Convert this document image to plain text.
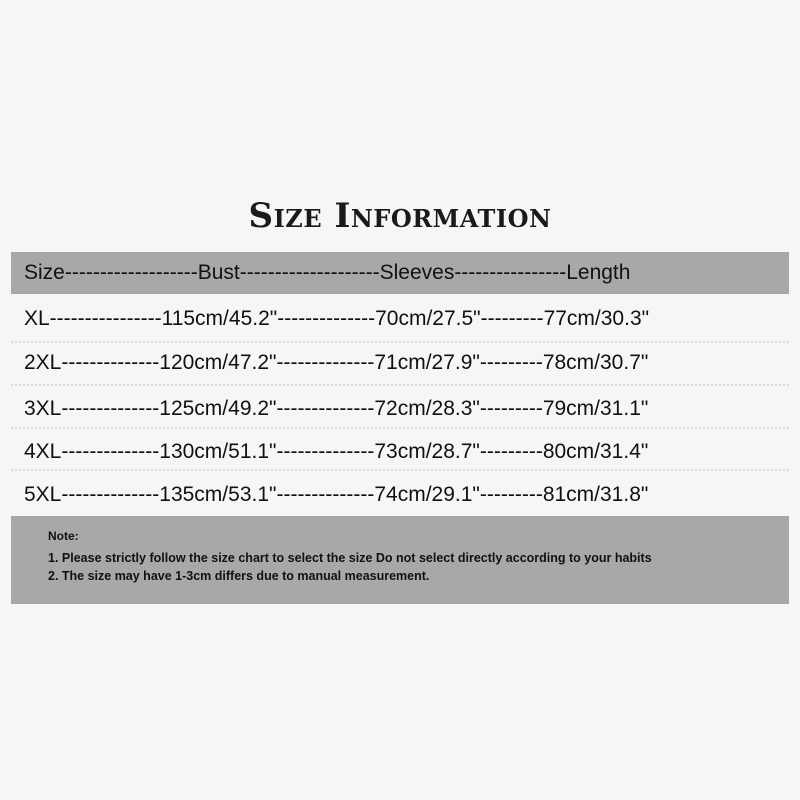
Size Information
Size-------------------Bust--------------------Sleeves----------------Length
XL----------------115cm/45.2"--------------70cm/27.5"---------77cm/30.3"
2XL--------------120cm/47.2"--------------71cm/27.9"---------78cm/30.7"
3XL--------------125cm/49.2"--------------72cm/28.3"---------79cm/31.1"
4XL--------------130cm/51.1"--------------73cm/28.7"---------80cm/31.4"
5XL--------------135cm/53.1"--------------74cm/29.1"---------81cm/31.8"
Note:
1. Please strictly follow the size chart to select the size Do not select directly according to your habits
2. The size may have 1-3cm differs due to manual measurement.
